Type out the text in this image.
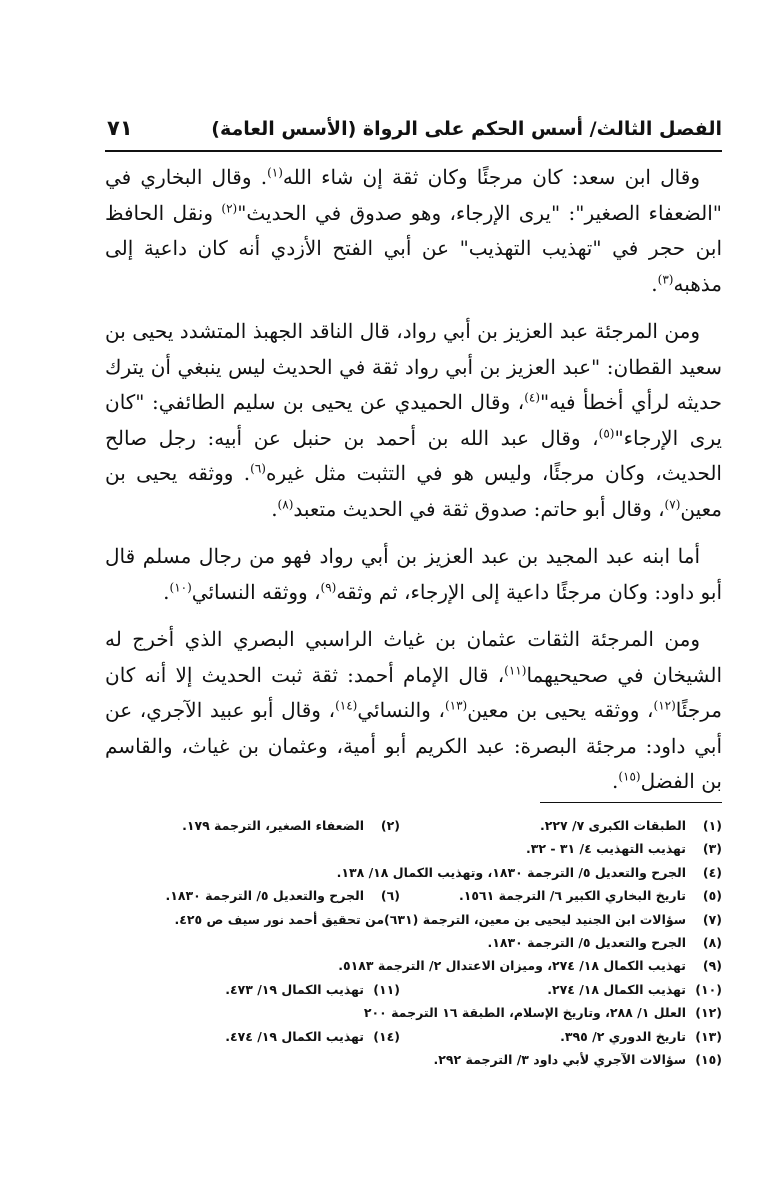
الفصل الثالث/ أسس الحكم على الرواة (الأسس العامة)
٧١

وقال ابن سعد: كان مرجئًا وكان ثقة إن شاء الله$^{(١)}$. وقال البخاري في "الضعفاء الصغير": "يرى الإرجاء، وهو صدوق في الحديث"$^{(٢)}$ ونقل الحافظ ابن حجر في "تهذيب التهذيب" عن أبي الفتح الأزدي أنه كان داعية إلى مذهبه$^{(٣)}$.

ومن المرجئة عبد العزيز بن أبي رواد، قال الناقد الجهبذ المتشدد يحيى بن سعيد القطان: "عبد العزيز بن أبي رواد ثقة في الحديث ليس ينبغي أن يترك حديثه لرأي أخطأ فيه"$^{(٤)}$، وقال الحميدي عن يحيى بن سليم الطائفي: "كان يرى الإرجاء"$^{(٥)}$، وقال عبد الله بن أحمد بن حنبل عن أبيه: رجل صالح الحديث، وكان مرجئًا، وليس هو في التثبت مثل غيره$^{(٦)}$. ووثقه يحيى بن معين$^{(٧)}$، وقال أبو حاتم: صدوق ثقة في الحديث متعبد$^{(٨)}$.

أما ابنه عبد المجيد بن عبد العزيز بن أبي رواد فهو من رجال مسلم قال أبو داود: وكان مرجئًا داعية إلى الإرجاء، ثم وثقه$^{(٩)}$، ووثقه النسائي$^{(١٠)}$.

ومن المرجئة الثقات عثمان بن غياث الراسبي البصري الذي أخرج له الشيخان في صحيحيهما$^{(١١)}$، قال الإمام أحمد: ثقة ثبت الحديث إلا أنه كان مرجئًا$^{(١٢)}$، ووثقه يحيى بن معين$^{(١٣)}$، والنسائي$^{(١٤)}$، وقال أبو عبيد الآجري، عن أبي داود: مرجئة البصرة: عبد الكريم أبو أمية، وعثمان بن غياث، والقاسم بن الفضل$^{(١٥)}$.

(١)الطبقات الكبرى ٧/ ٢٢٧.
(٢)الضعفاء الصغير، الترجمة ١٧٩.
(٣)تهذيب التهذيب ٤/ ٣١ - ٣٢.
(٤)الجرح والتعديل ٥/ الترجمة ١٨٣٠، وتهذيب الكمال ١٨/ ١٣٨.
(٥)تاريخ البخاري الكبير ٦/ الترجمة ١٥٦١.
(٦)الجرح والتعديل ٥/ الترجمة ١٨٣٠.
(٧)سؤالات ابن الجنيد ليحيى بن معين، الترجمة (٦٣١)من تحقيق أحمد نور سيف ص ٤٢٥.
(٨)الجرح والتعديل ٥/ الترجمة ١٨٣٠.
(٩)تهذيب الكمال ١٨/ ٢٧٤، وميزان الاعتدال ٢/ الترجمة ٥١٨٣.
(١٠)تهذيب الكمال ١٨/ ٢٧٤.
(١١)تهذيب الكمال ١٩/ ٤٧٣.
(١٢)العلل ١/ ٢٨٨، وتاريخ الإسلام، الطبقة ١٦ الترجمة ٢٠٠
(١٣)تاريخ الدوري ٢/ ٣٩٥.
(١٤)تهذيب الكمال ١٩/ ٤٧٤.
(١٥)سؤالات الآجري لأبي داود ٣/ الترجمة ٢٩٢.
